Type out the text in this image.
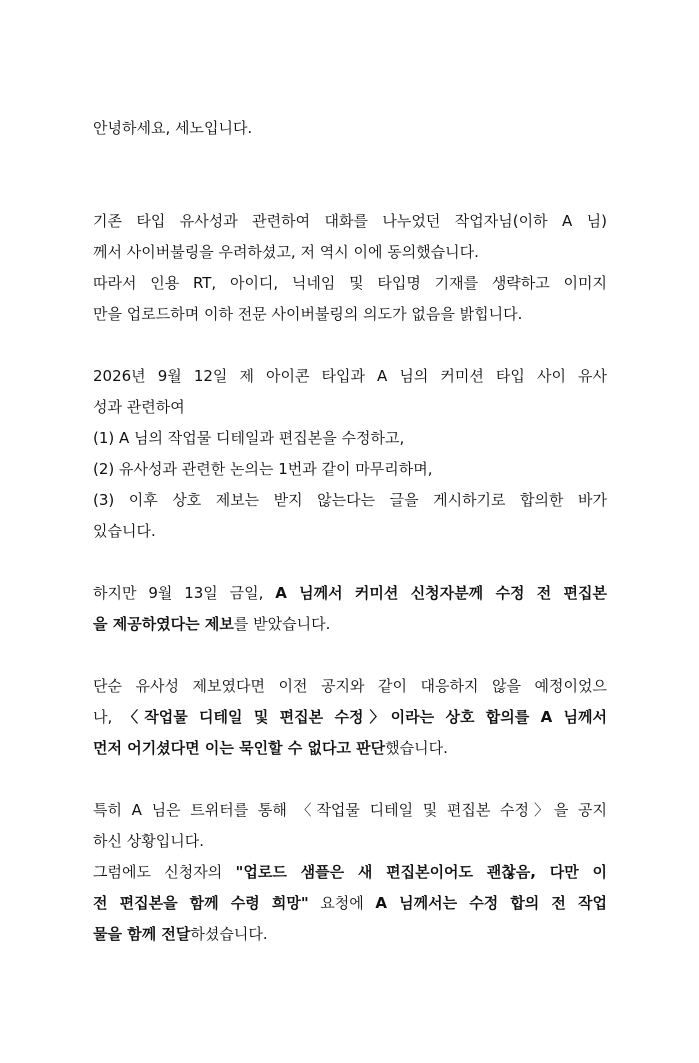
안녕하세요, 세노입니다.

기존 타입 유사성과 관련하여 대화를 나누었던 작업자님(이하 A 님)
께서 사이버불링을 우려하셨고, 저 역시 이에 동의했습니다.
따라서 인용 RT, 아이디, 닉네임 및 타입명 기재를 생략하고 이미지
만을 업로드하며 이하 전문 사이버불링의 의도가 없음을 밝힙니다.

2026년 9월 12일 제 아이콘 타입과 A 님의 커미션 타입 사이 유사
성과 관련하여
(1) A 님의 작업물 디테일과 편집본을 수정하고,
(2) 유사성과 관련한 논의는 1번과 같이 마무리하며,
(3) 이후 상호 제보는 받지 않는다는 글을 게시하기로 합의한 바가
있습니다.

하지만 9월 13일 금일, A 님께서 커미션 신청자분께 수정 전 편집본
을 제공하였다는 제보를 받았습니다.

단순 유사성 제보였다면 이전 공지와 같이 대응하지 않을 예정이었으
나, 〈작업물 디테일 및 편집본 수정〉이라는 상호 합의를 A 님께서
먼저 어기셨다면 이는 묵인할 수 없다고 판단했습니다.

특히 A 님은 트위터를 통해 〈작업물 디테일 및 편집본 수정〉을 공지
하신 상황입니다.
그럼에도 신청자의 "업로드 샘플은 새 편집본이어도 괜찮음, 다만 이
전 편집본을 함께 수령 희망" 요청에 A 님께서는 수정 합의 전 작업
물을 함께 전달하셨습니다.
